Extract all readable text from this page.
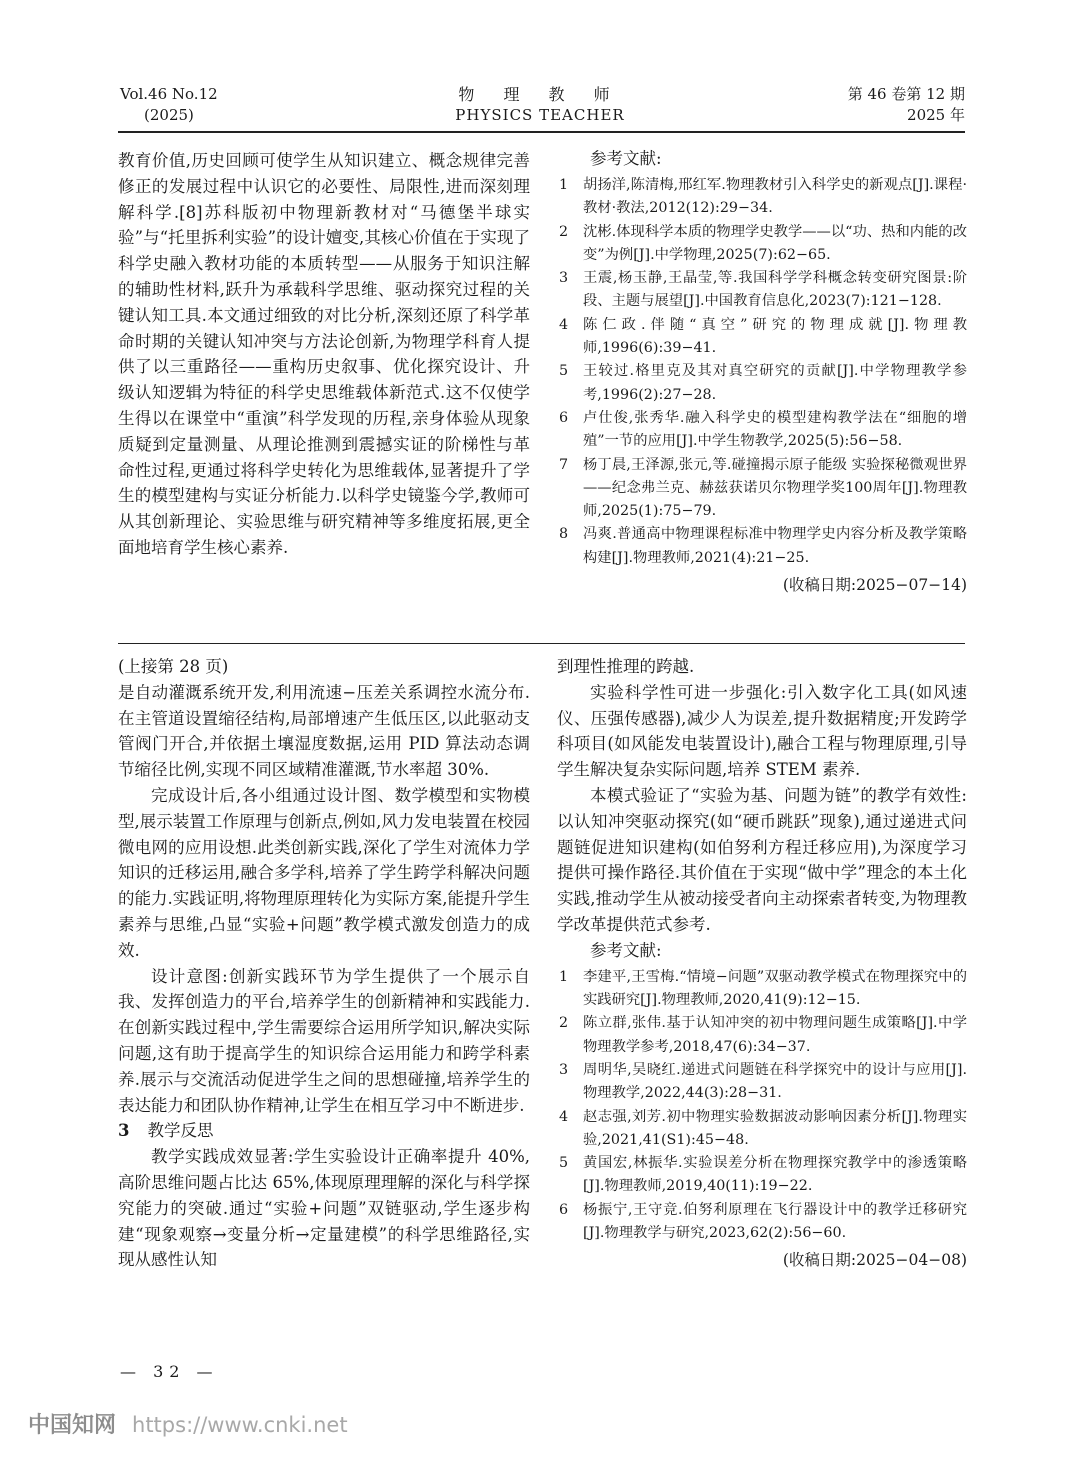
Vol.46 No.12
(2025)
物 理 教 师
PHYSICS TEACHER
第 46 卷第 12 期
2025 年

教育价值,历史回顾可使学生从知识建立、概念规律完善修正的发展过程中认识它的必要性、局限性,进而深刻理解科学.[8]苏科版初中物理新教材对“马德堡半球实验”与“托里拆利实验”的设计嬗变,其核心价值在于实现了科学史融入教材功能的本质转型——从服务于知识注解的辅助性材料,跃升为承载科学思维、驱动探究过程的关键认知工具.本文通过细致的对比分析,深刻还原了科学革命时期的关键认知冲突与方法论创新,为物理学科育人提供了以三重路径——重构历史叙事、优化探究设计、升级认知逻辑为特征的科学史思维载体新范式.这不仅使学生得以在课堂中“重演”科学发现的历程,亲身体验从现象质疑到定量测量、从理论推测到震撼实证的阶梯性与革命性过程,更通过将科学史转化为思维载体,显著提升了学生的模型建构与实证分析能力.以科学史镜鉴今学,教师可从其创新理论、实验思维与研究精神等多维度拓展,更全面地培育学生核心素养.

参考文献:
1 胡扬洋,陈清梅,邢红军.物理教材引入科学史的新观点[J].课程·教材·教法,2012(12):29−34.
2 沈彬.体现科学本质的物理学史教学——以“功、热和内能的改变”为例[J].中学物理,2025(7):62−65.
3 王震,杨玉静,王晶莹,等.我国科学学科概念转变研究图景:阶段、主题与展望[J].中国教育信息化,2023(7):121−128.
4 陈仁政.伴随“真空”研究的物理成就[J].物理教师,1996(6):39−41.
5 王较过.格里克及其对真空研究的贡献[J].中学物理教学参考,1996(2):27−28.
6 卢仕俊,张秀华.融入科学史的模型建构教学法在“细胞的增殖”一节的应用[J].中学生物教学,2025(5):56−58.
7 杨丁晨,王泽源,张元,等.碰撞揭示原子能级 实验探秘微观世界——纪念弗兰克、赫兹获诺贝尔物理学奖100周年[J].物理教师,2025(1):75−79.
8 冯爽.普通高中物理课程标准中物理学史内容分析及教学策略构建[J].物理教师,2021(4):21−25.
(收稿日期:2025−07−14)

(上接第 28 页)

是自动灌溉系统开发,利用流速−压差关系调控水流分布.在主管道设置缩径结构,局部增速产生低压区,以此驱动支管阀门开合,并依据土壤湿度数据,运用 PID 算法动态调节缩径比例,实现不同区域精准灌溉,节水率超 30%.

完成设计后,各小组通过设计图、数学模型和实物模型,展示装置工作原理与创新点,例如,风力发电装置在校园微电网的应用设想.此类创新实践,深化了学生对流体力学知识的迁移运用,融合多学科,培养了学生跨学科解决问题的能力.实践证明,将物理原理转化为实际方案,能提升学生素养与思维,凸显“实验+问题”教学模式激发创造力的成效.

设计意图:创新实践环节为学生提供了一个展示自我、发挥创造力的平台,培养学生的创新精神和实践能力.在创新实践过程中,学生需要综合运用所学知识,解决实际问题,这有助于提高学生的知识综合运用能力和跨学科素养.展示与交流活动促进学生之间的思想碰撞,培养学生的表达能力和团队协作精神,让学生在相互学习中不断进步.

3 教学反思

教学实践成效显著:学生实验设计正确率提升 40%,高阶思维问题占比达 65%,体现原理理解的深化与科学探究能力的突破.通过“实验+问题”双链驱动,学生逐步构建“现象观察→变量分析→定量建模”的科学思维路径,实现从感性认知

到理性推理的跨越.

实验科学性可进一步强化:引入数字化工具(如风速仪、压强传感器),减少人为误差,提升数据精度;开发跨学科项目(如风能发电装置设计),融合工程与物理原理,引导学生解决复杂实际问题,培养 STEM 素养.

本模式验证了“实验为基、问题为链”的教学有效性:以认知冲突驱动探究(如“硬币跳跃”现象),通过递进式问题链促进知识建构(如伯努利方程迁移应用),为深度学习提供可操作路径.其价值在于实现“做中学”理念的本土化实践,推动学生从被动接受者向主动探索者转变,为物理教学改革提供范式参考.

参考文献:
1 李建平,王雪梅.“情境−问题”双驱动教学模式在物理探究中的实践研究[J].物理教师,2020,41(9):12−15.
2 陈立群,张伟.基于认知冲突的初中物理问题生成策略[J].中学物理教学参考,2018,47(6):34−37.
3 周明华,吴晓红.递进式问题链在科学探究中的设计与应用[J].物理教学,2022,44(3):28−31.
4 赵志强,刘芳.初中物理实验数据波动影响因素分析[J].物理实验,2021,41(S1):45−48.
5 黄国宏,林振华.实验误差分析在物理探究教学中的渗透策略[J].物理教师,2019,40(11):19−22.
6 杨振宁,王守竞.伯努利原理在飞行器设计中的教学迁移研究[J].物理教学与研究,2023,62(2):56−60.
(收稿日期:2025−04−08)
— 32 —
中国知网 https://www.cnki.net
